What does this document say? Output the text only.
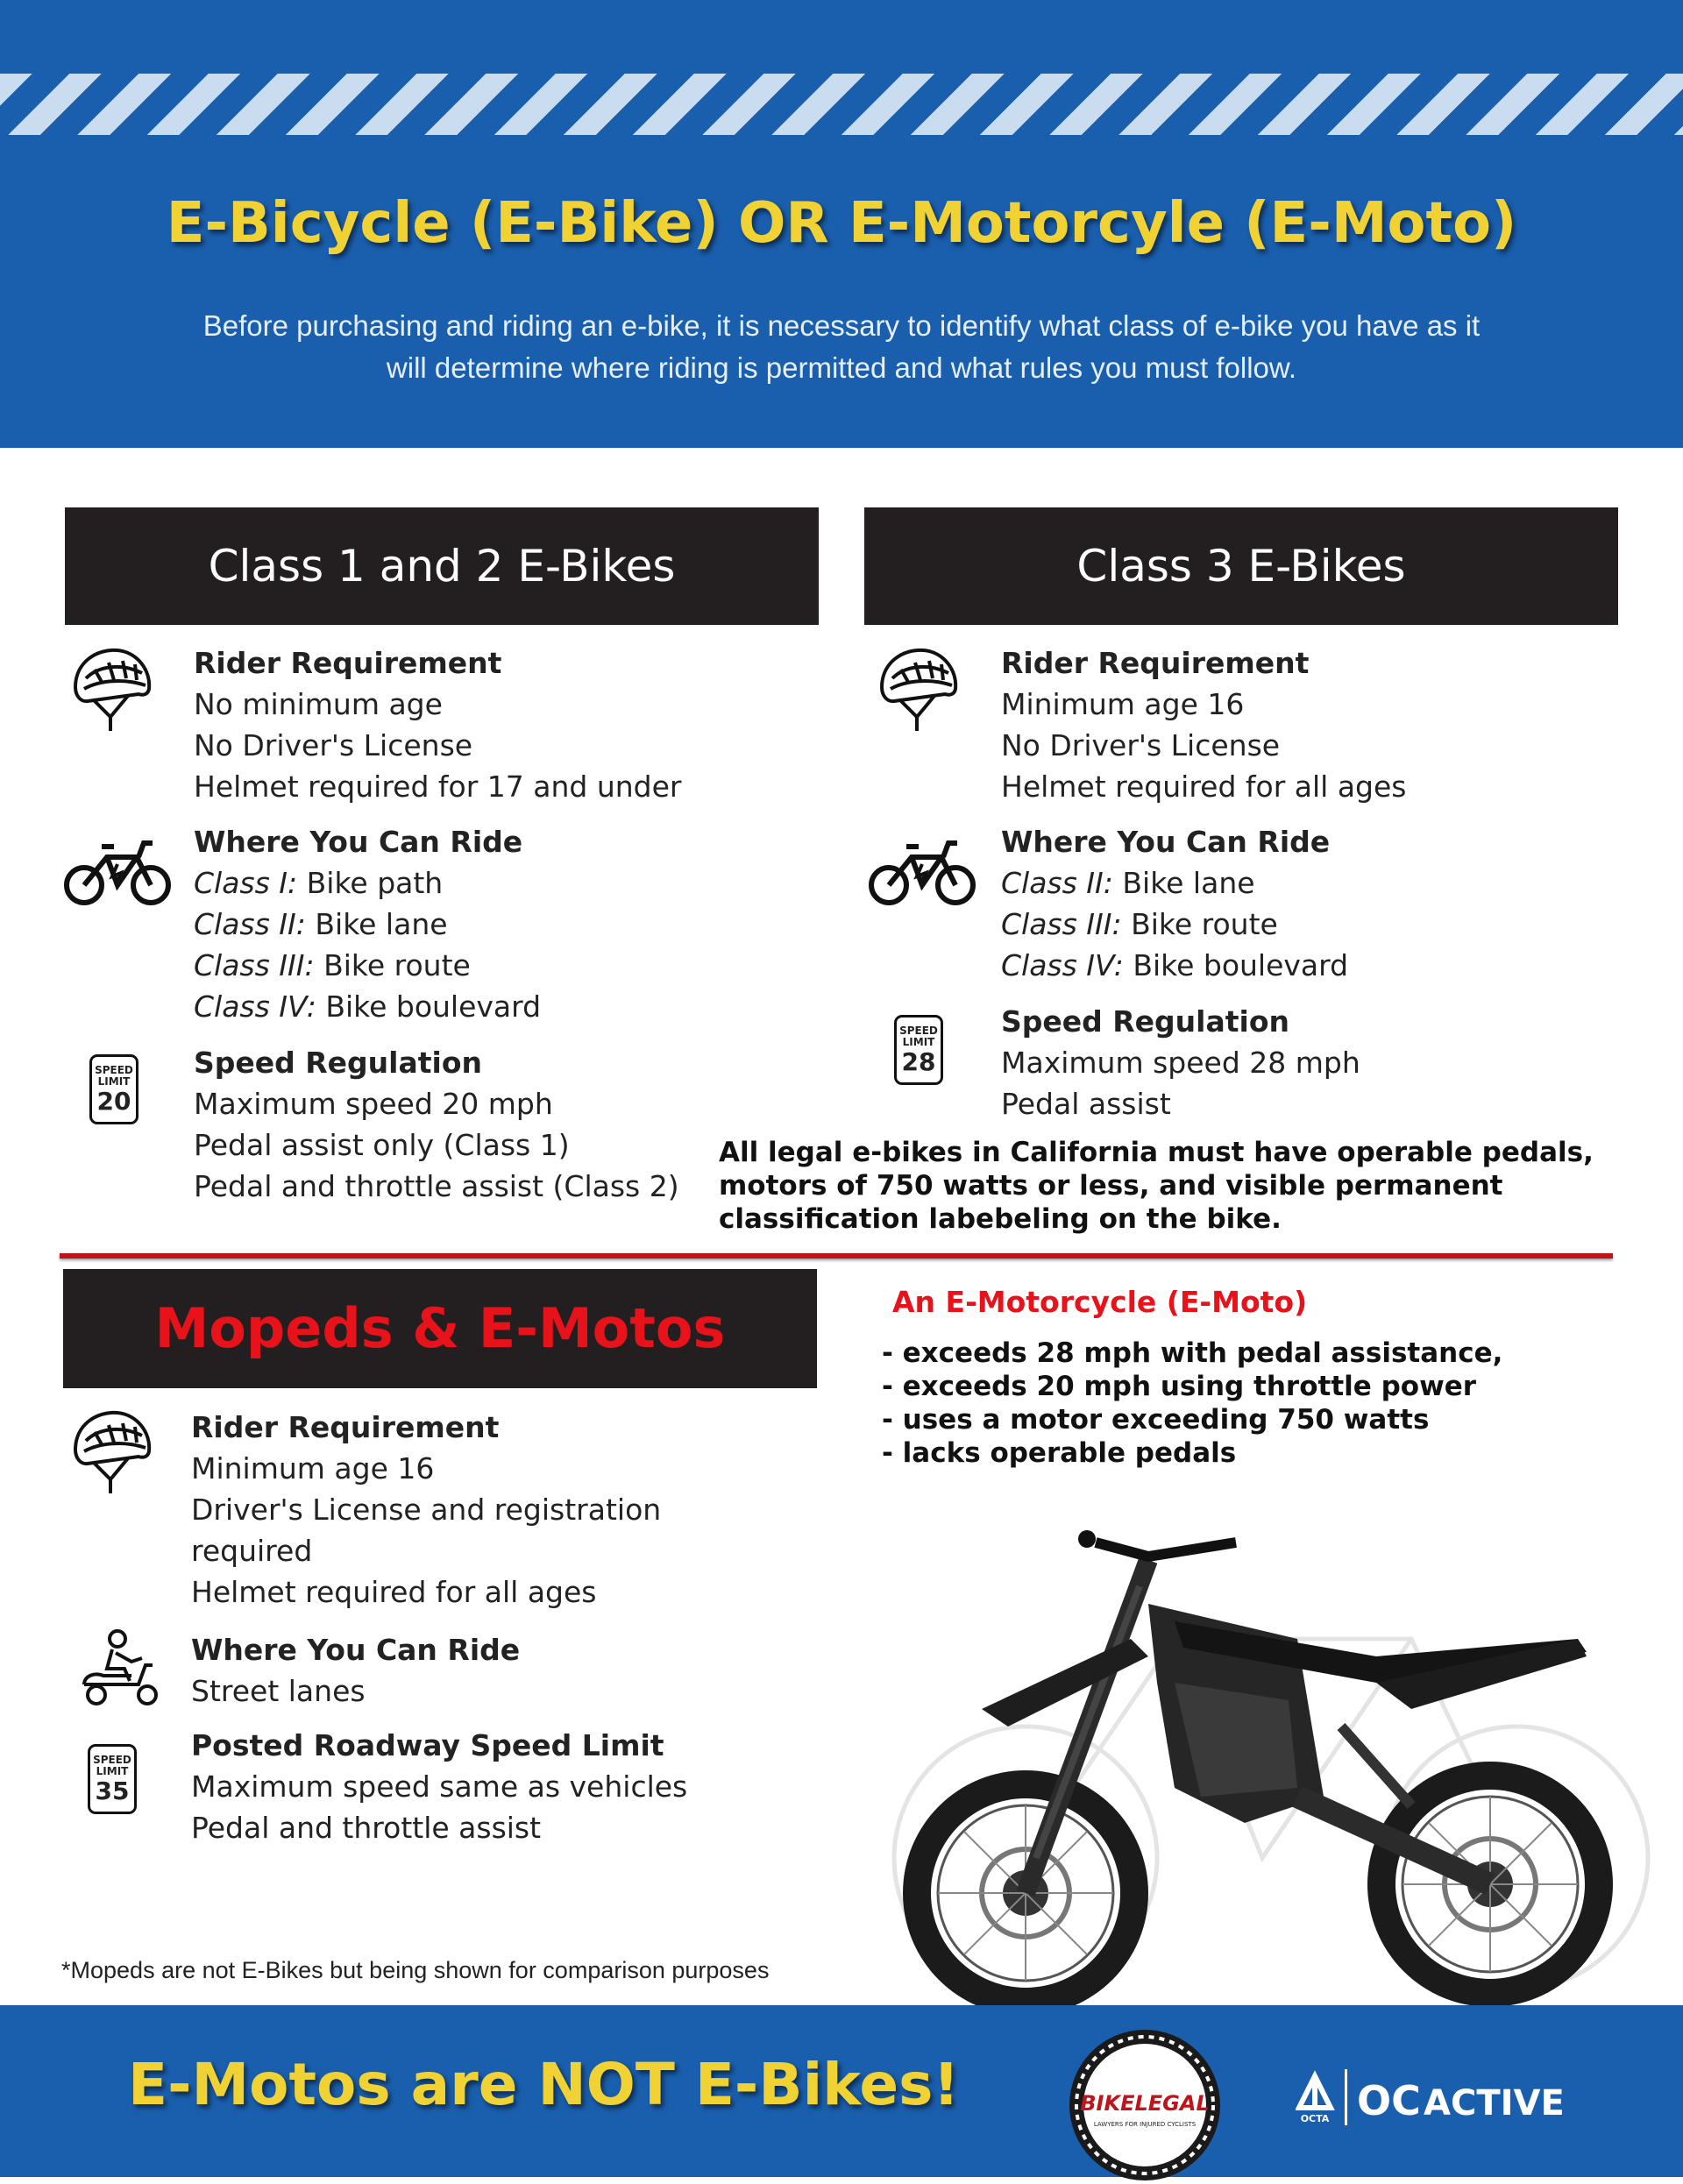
E-Bicycle (E-Bike) OR E-Motorcyle (E-Moto)
Before purchasing and riding an e-bike, it is necessary to identify what class of e-bike you have as it will determine where riding is permitted and what rules you must follow.
Class 1 and 2 E-Bikes
Rider Requirement
No minimum age
No Driver's License
Helmet required for 17 and under
Where You Can Ride
Class I: Bike path
Class II: Bike lane
Class III: Bike route
Class IV: Bike boulevard
SPEED
LIMIT
20
Speed Regulation
Maximum speed 20 mph
Pedal assist only (Class 1)
Pedal and throttle assist (Class 2)
Class 3 E-Bikes
Rider Requirement
Minimum age 16
No Driver's License
Helmet required for all ages
Where You Can Ride
Class II: Bike lane
Class III: Bike route
Class IV: Bike boulevard
SPEED
LIMIT
28
Speed Regulation
Maximum speed 28 mph
Pedal assist
All legal e-bikes in California must have operable pedals, motors of 750 watts or less, and visible permanent classification labebeling on the bike.
Mopeds & E-Motos
Rider Requirement
Minimum age 16
Driver's License and registration
required
Helmet required for all ages
Where You Can Ride
Street lanes
SPEED
LIMIT
35
Posted Roadway Speed Limit
Maximum speed same as vehicles
Pedal and throttle assist
An E-Motorcycle (E-Moto)
- exceeds 28 mph with pedal assistance,
- exceeds 20 mph using throttle power
- uses a motor exceeding 750 watts
- lacks operable pedals
*Mopeds are not E-Bikes but being shown for comparison purposes
E-Motos are NOT E-Bikes!	BIKELEGAL
LAWYERS FOR INJURED CYCLISTS	OCTA OC ACTIVE
